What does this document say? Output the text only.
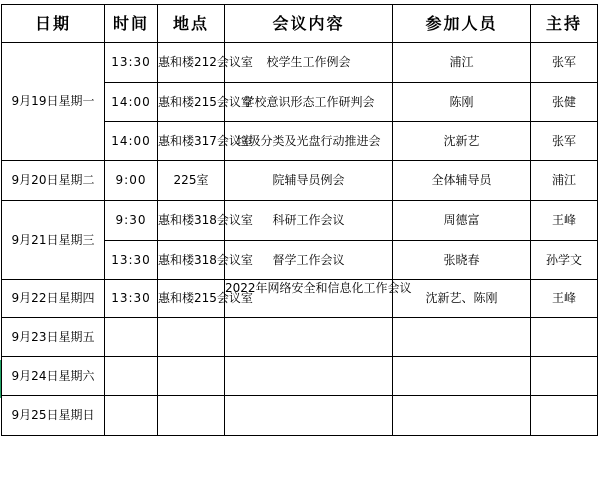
日期	时间	地点	会议内容	参加人员	主持
9月19日星期一	13:30	惠和楼212会议室	校学生工作例会	浦江	张军
	14:00	惠和楼215会议室	学校意识形态工作研判会	陈刚	张健
	14:00	惠和楼317会议室	垃圾分类及光盘行动推进会	沈新艺	张军
9月20日星期二	9:00	225室	院辅导员例会	全体辅导员	浦江
9月21日星期三	9:30	惠和楼318会议室	科研工作会议	周德富	王峰
	13:30	惠和楼318会议室	督学工作会议	张晓春	孙学文
9月22日星期四	13:30	惠和楼215会议室	2022年网络安全和信息化工作会议	沈新艺、陈刚	王峰
9月23日星期五					
9月24日星期六					
9月25日星期日					
